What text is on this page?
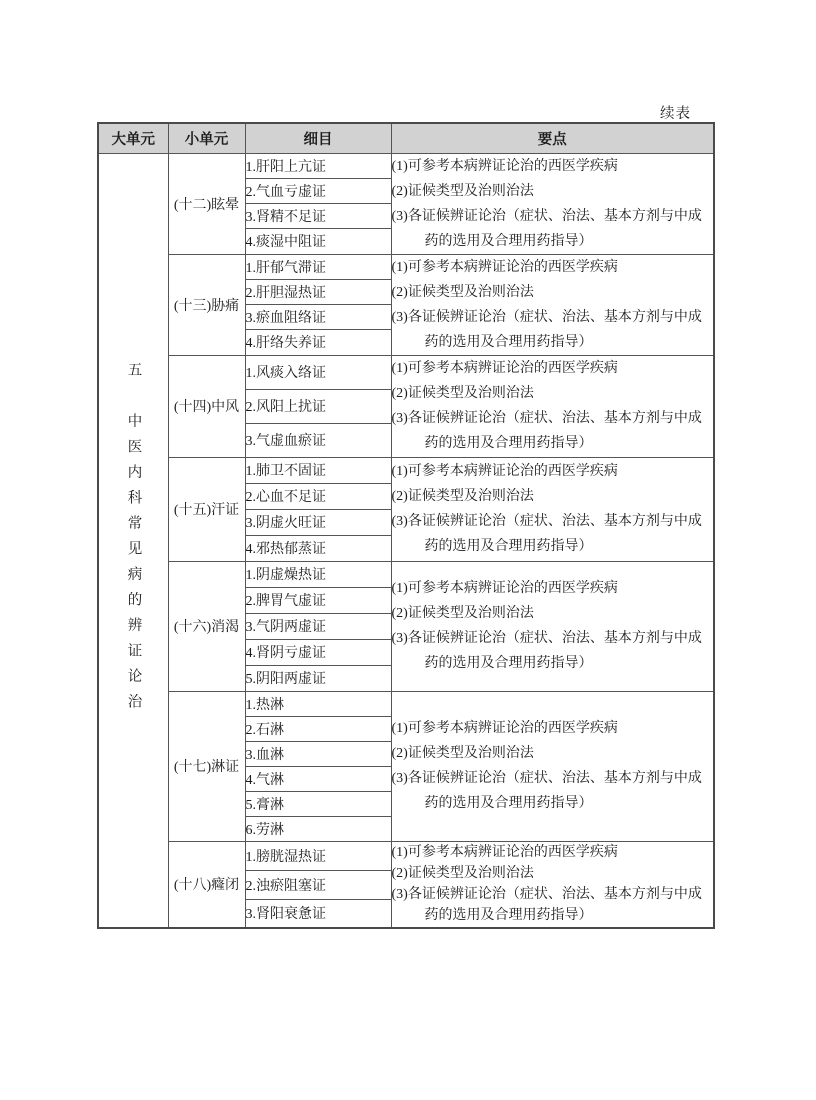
续表
大单元	小单元	细目	要点

五　中医内科常见病的辨证论治	(十二)眩晕	1.肝阳上亢证	(1)可参考本病辨证论治的西医学疾病
(2)证候类型及治则治法
(3)各证候辨证论治（症状、治法、基本方剂与中成药的选用及合理用药指导）

		2.气血亏虚证	
		3.肾精不足证	
		4.痰湿中阻证	
	(十三)胁痛	1.肝郁气滞证	(1)可参考本病辨证论治的西医学疾病
(2)证候类型及治则治法
(3)各证候辨证论治（症状、治法、基本方剂与中成药的选用及合理用药指导）

		2.肝胆湿热证	
		3.瘀血阻络证	
		4.肝络失养证	
	(十四)中风	1.风痰入络证	(1)可参考本病辨证论治的西医学疾病
(2)证候类型及治则治法
(3)各证候辨证论治（症状、治法、基本方剂与中成药的选用及合理用药指导）

		2.风阳上扰证	
		3.气虚血瘀证	
	(十五)汗证	1.肺卫不固证	(1)可参考本病辨证论治的西医学疾病
(2)证候类型及治则治法
(3)各证候辨证论治（症状、治法、基本方剂与中成药的选用及合理用药指导）

		2.心血不足证	
		3.阴虚火旺证	
		4.邪热郁蒸证	
	(十六)消渴	1.阴虚燥热证	(1)可参考本病辨证论治的西医学疾病
(2)证候类型及治则治法
(3)各证候辨证论治（症状、治法、基本方剂与中成药的选用及合理用药指导）

		2.脾胃气虚证	
		3.气阴两虚证	
		4.肾阴亏虚证	
		5.阴阳两虚证	
	(十七)淋证	1.热淋	(1)可参考本病辨证论治的西医学疾病
(2)证候类型及治则治法
(3)各证候辨证论治（症状、治法、基本方剂与中成药的选用及合理用药指导）

		2.石淋	
		3.血淋	
		4.气淋	
		5.膏淋	
		6.劳淋	
	(十八)癃闭	1.膀胱湿热证	(1)可参考本病辨证论治的西医学疾病
(2)证候类型及治则治法
(3)各证候辨证论治（症状、治法、基本方剂与中成药的选用及合理用药指导）

		2.浊瘀阻塞证	
		3.肾阳衰惫证	
